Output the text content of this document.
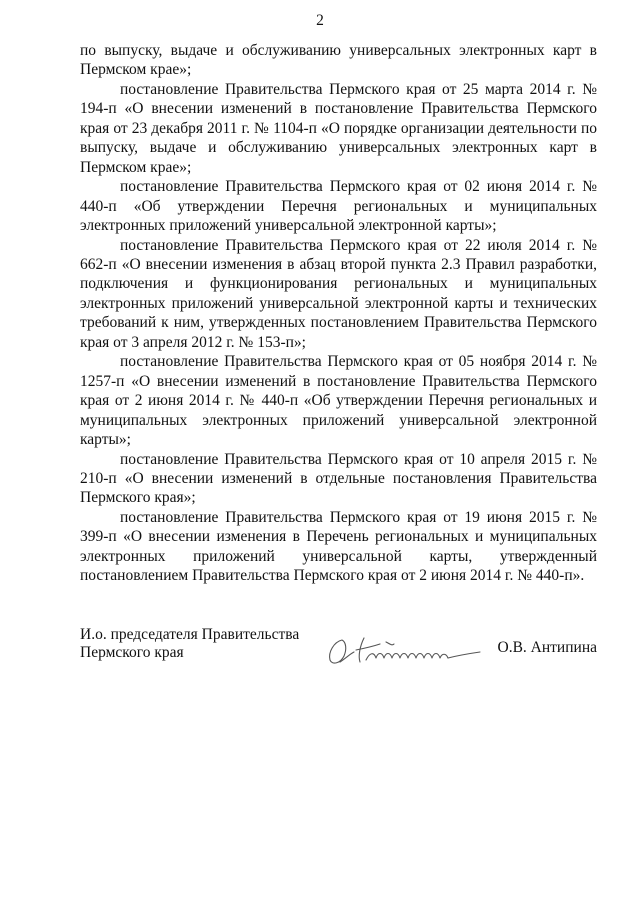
2

по выпуску, выдаче и обслуживанию универсальных электронных карт в Пермском крае»;

постановление Правительства Пермского края от 25 марта 2014 г. № 194-п «О внесении изменений в постановление Правительства Пермского края от 23 декабря 2011 г. № 1104-п «О порядке организации деятельности по выпуску, выдаче и обслуживанию универсальных электронных карт в Пермском крае»;

постановление Правительства Пермского края от 02 июня 2014 г. № 440-п «Об утверждении Перечня региональных и муниципальных электронных приложений универсальной электронной карты»;

постановление Правительства Пермского края от 22 июля 2014 г. № 662-п «О внесении изменения в абзац второй пункта 2.3 Правил разработки, подключения и функционирования региональных и муниципальных электронных приложений универсальной электронной карты и технических требований к ним, утвержденных постановлением Правительства Пермского края от 3 апреля 2012 г. № 153-п»;

постановление Правительства Пермского края от 05 ноября 2014 г. № 1257-п «О внесении изменений в постановление Правительства Пермского края от 2 июня 2014 г. № 440-п «Об утверждении Перечня региональных и муниципальных электронных приложений универсальной электронной карты»;

постановление Правительства Пермского края от 10 апреля 2015 г. № 210-п «О внесении изменений в отдельные постановления Правительства Пермского края»;

постановление Правительства Пермского края от 19 июня 2015 г. № 399-п «О внесении изменения в Перечень региональных и муниципальных электронных приложений универсальной карты, утвержденный постановлением Правительства Пермского края от 2 июня 2014 г. № 440-п».

И.о. председателя Правительства
Пермского края	О.В. Антипина
